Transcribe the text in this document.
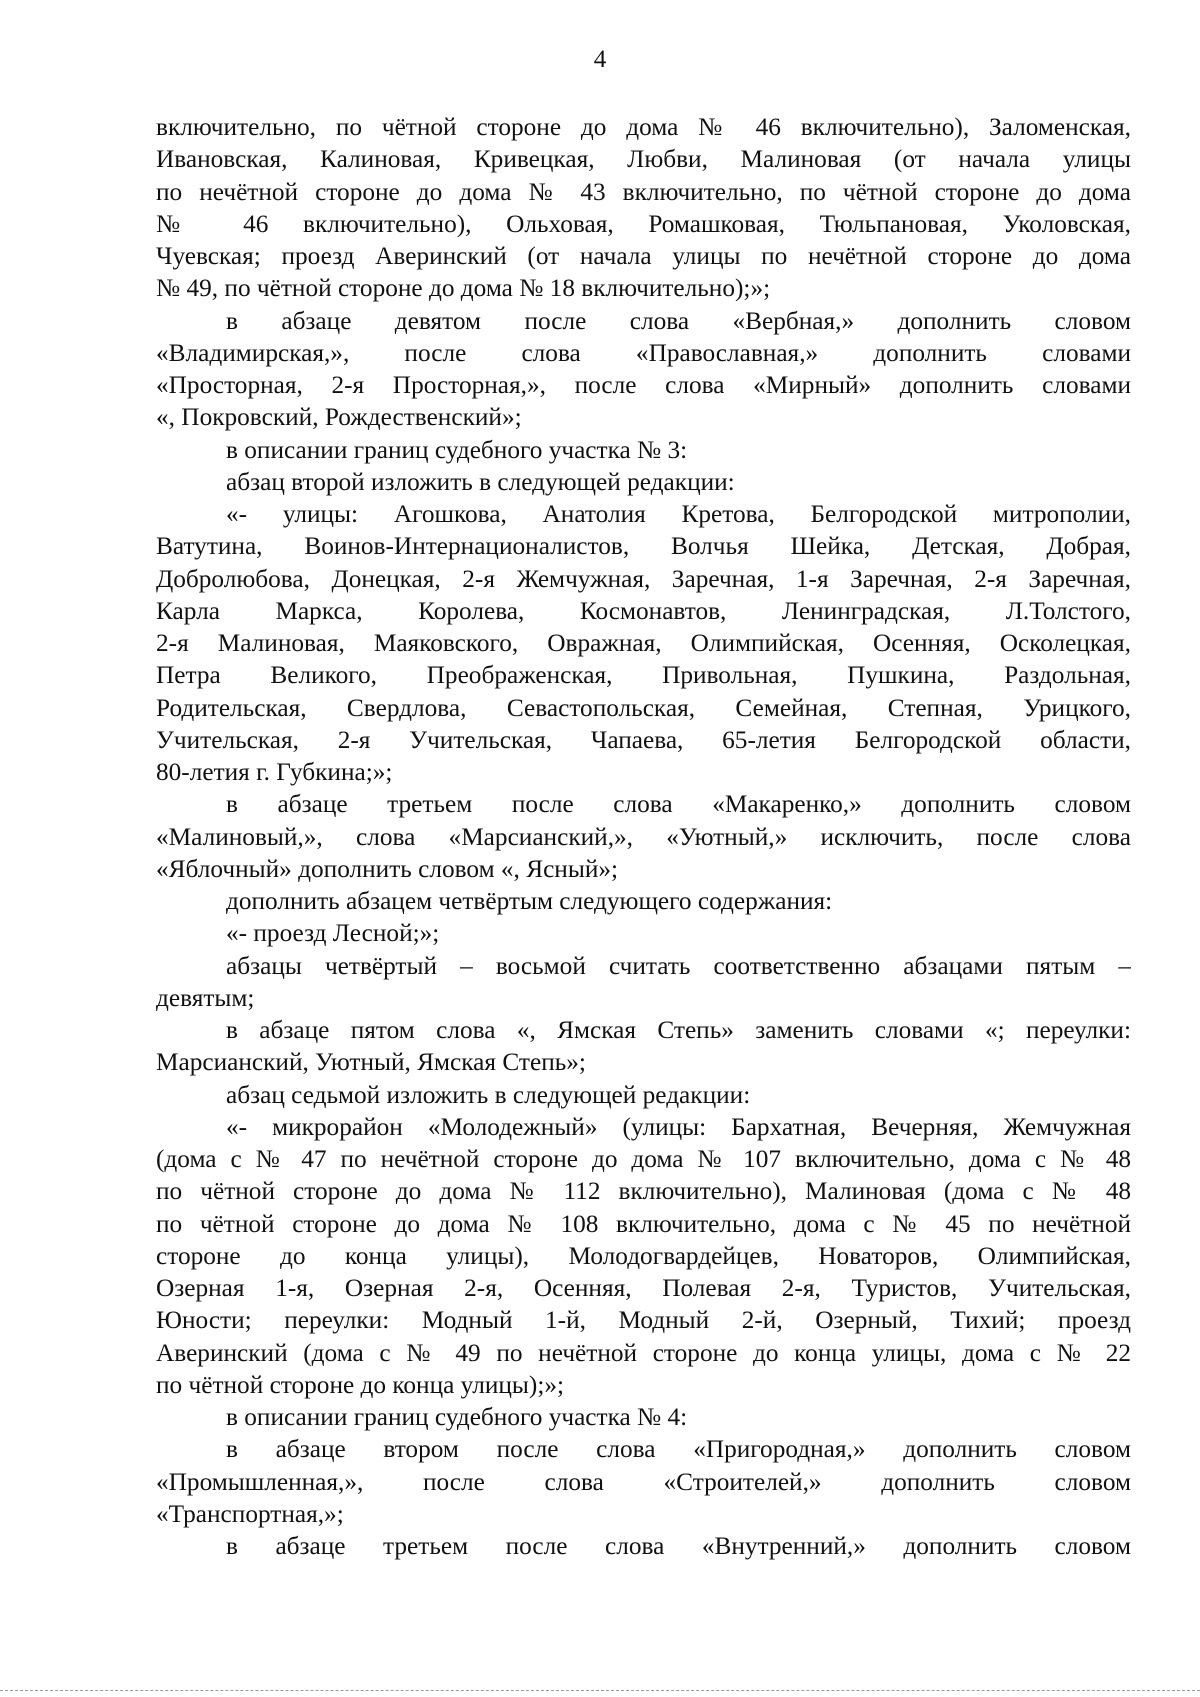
4
включительно, по чётной стороне до дома № 46 включительно), Заломенская,
Ивановская, Калиновая, Кривецкая, Любви, Малиновая (от начала улицы
по нечётной стороне до дома № 43 включительно, по чётной стороне до дома
№ 46 включительно), Ольховая, Ромашковая, Тюльпановая, Уколовская,
Чуевская; проезд Аверинский (от начала улицы по нечётной стороне до дома
№ 49, по чётной стороне до дома № 18 включительно);»;
в абзаце девятом после слова «Вербная,» дополнить словом
«Владимирская,», после слова «Православная,» дополнить словами
«Просторная, 2-я Просторная,», после слова «Мирный» дополнить словами
«, Покровский, Рождественский»;
в описании границ судебного участка № 3:
абзац второй изложить в следующей редакции:
«- улицы: Агошкова, Анатолия Кретова, Белгородской митрополии,
Ватутина, Воинов-Интернационалистов, Волчья Шейка, Детская, Добрая,
Добролюбова, Донецкая, 2-я Жемчужная, Заречная, 1-я Заречная, 2-я Заречная,
Карла Маркса, Королева, Космонавтов, Ленинградская, Л.Толстого,
2-я Малиновая, Маяковского, Овражная, Олимпийская, Осенняя, Осколецкая,
Петра Великого, Преображенская, Привольная, Пушкина, Раздольная,
Родительская, Свердлова, Севастопольская, Семейная, Степная, Урицкого,
Учительская, 2-я Учительская, Чапаева, 65-летия Белгородской области,
80-летия г. Губкина;»;
в абзаце третьем после слова «Макаренко,» дополнить словом
«Малиновый,», слова «Марсианский,», «Уютный,» исключить, после слова
«Яблочный» дополнить словом «, Ясный»;
дополнить абзацем четвёртым следующего содержания:
«- проезд Лесной;»;
абзацы четвёртый – восьмой считать соответственно абзацами пятым –
девятым;
в абзаце пятом слова «, Ямская Степь» заменить словами «; переулки:
Марсианский, Уютный, Ямская Степь»;
абзац седьмой изложить в следующей редакции:
«- микрорайон «Молодежный» (улицы: Бархатная, Вечерняя, Жемчужная
(дома с № 47 по нечётной стороне до дома № 107 включительно, дома с № 48
по чётной стороне до дома № 112 включительно), Малиновая (дома с № 48
по чётной стороне до дома № 108 включительно, дома с № 45 по нечётной
стороне до конца улицы), Молодогвардейцев, Новаторов, Олимпийская,
Озерная 1-я, Озерная 2-я, Осенняя, Полевая 2-я, Туристов, Учительская,
Юности; переулки: Модный 1-й, Модный 2-й, Озерный, Тихий; проезд
Аверинский (дома с № 49 по нечётной стороне до конца улицы, дома с № 22
по чётной стороне до конца улицы);»;
в описании границ судебного участка № 4:
в абзаце втором после слова «Пригородная,» дополнить словом
«Промышленная,», после слова «Строителей,» дополнить словом
«Транспортная,»;
в абзаце третьем после слова «Внутренний,» дополнить словом
